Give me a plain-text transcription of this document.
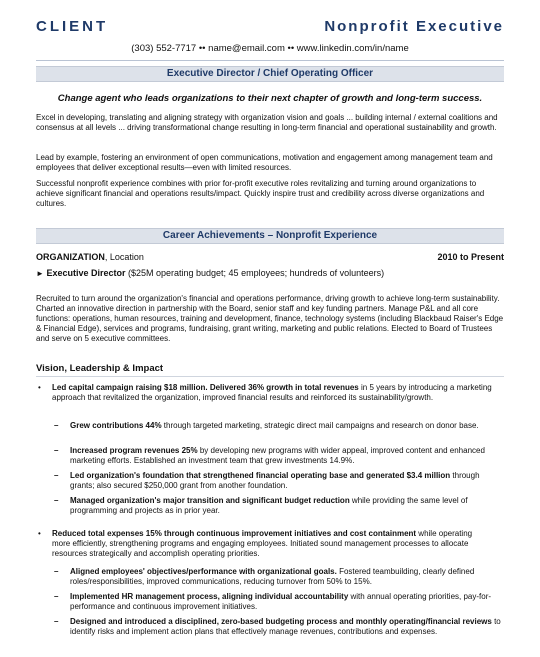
CLIENT	Nonprofit Executive
(303) 552-7717 •• name@email.com •• www.linkedin.com/in/name
Executive Director / Chief Operating Officer
Change agent who leads organizations to their next chapter of growth and long-term success.
Excel in developing, translating and aligning strategy with organization vision and goals ... building internal / external coalitions and consensus at all levels ... driving transformational change resulting in long-term financial and operational sustainability and growth.
Lead by example, fostering an environment of open communications, motivation and engagement among management team and employees that deliver exceptional results—even with limited resources.
Successful nonprofit experience combines with prior for-profit executive roles revitalizing and turning around organizations to achieve significant financial and operations results/impact. Quickly inspire trust and credibility across diverse organizations and cultures.
Career Achievements – Nonprofit Experience
ORGANIZATION, Location	2010 to Present
► Executive Director ($25M operating budget; 45 employees; hundreds of volunteers)
Recruited to turn around the organization's financial and operations performance, driving growth to achieve long-term sustainability. Charted an innovative direction in partnership with the Board, senior staff and key funding partners. Manage P&L and all core functions: operations, human resources, training and development, finance, technology systems (including Blackbaud Raiser's Edge & Financial Edge), services and programs, fundraising, grant writing, marketing and public relations. Elected to Board of Trustees and serve on 5 executive committees.
Vision, Leadership & Impact
• Led capital campaign raising $18 million. Delivered 36% growth in total revenues in 5 years by introducing a marketing approach that revitalized the organization, improved financial results and reinforced its sustainability/growth.
– Grew contributions 44% through targeted marketing, strategic direct mail campaigns and research on donor base.
– Increased program revenues 25% by developing new programs with wider appeal, improved content and enhanced marketing efforts. Established an investment team that grew investments 14.9%.
– Led organization's foundation that strengthened financial operating base and generated $3.4 million through grants; also secured $250,000 grant from another foundation.
– Managed organization's major transition and significant budget reduction while providing the same level of programming and projects as in prior year.
• Reduced total expenses 15% through continuous improvement initiatives and cost containment while operating more efficiently, strengthening programs and engaging employees. Initiated sound management processes to allocate resources strategically and accomplish operating priorities.
– Aligned employees' objectives/performance with organizational goals. Fostered teambuilding, clearly defined roles/responsibilities, improved communications, reducing turnover from 50% to 15%.
– Implemented HR management process, aligning individual accountability with annual operating priorities, pay-for-performance and continuous improvement initiatives.
– Designed and introduced a disciplined, zero-based budgeting process and monthly operating/financial reviews to identify risks and implement action plans that effectively manage revenues, contributions and expenses.
